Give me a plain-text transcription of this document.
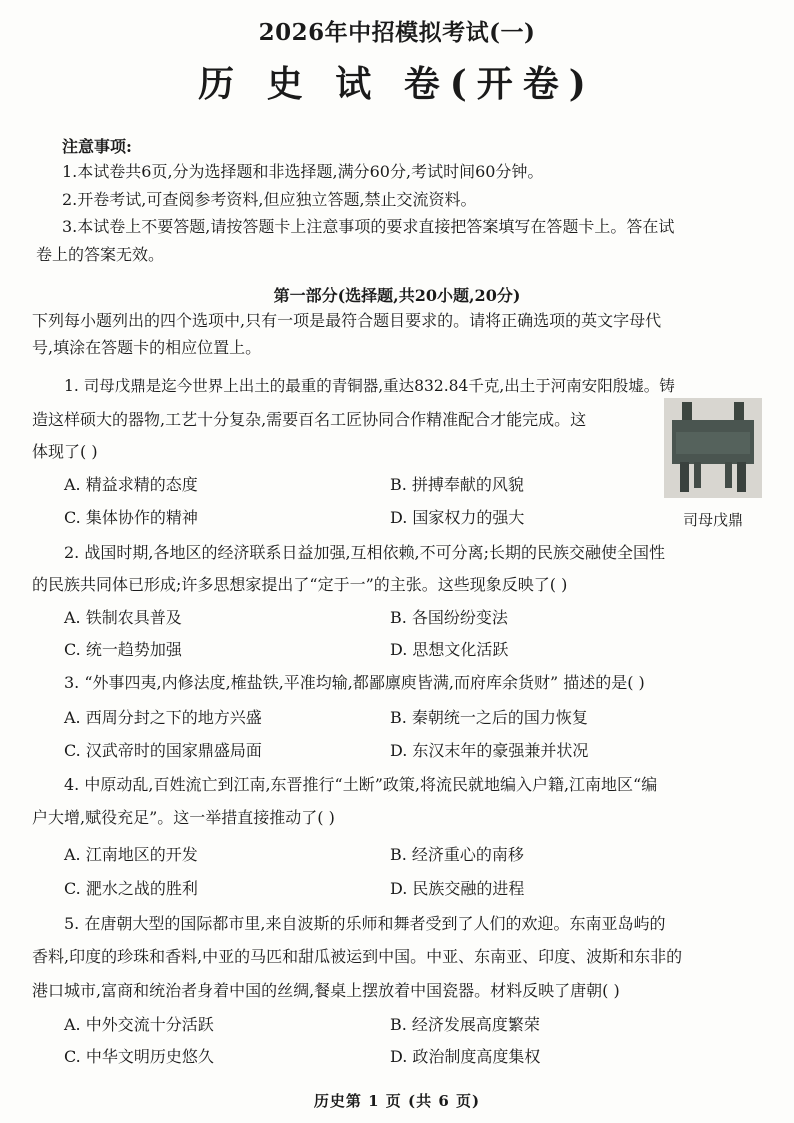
2026年中招模拟考试(一)
历 史 试 卷(开卷)
注意事项:
1.本试卷共6页,分为选择题和非选择题,满分60分,考试时间60分钟。
2.开卷考试,可查阅参考资料,但应独立答题,禁止交流资料。
3.本试卷上不要答题,请按答题卡上注意事项的要求直接把答案填写在答题卡上。答在试
卷上的答案无效。
第一部分(选择题,共20小题,20分)
下列每小题列出的四个选项中,只有一项是最符合题目要求的。请将正确选项的英文字母代
号,填涂在答题卡的相应位置上。
1. 司母戊鼎是迄今世界上出土的最重的青铜器,重达832.84千克,出土于河南安阳殷墟。铸
造这样硕大的器物,工艺十分复杂,需要百名工匠协同合作精准配合才能完成。这
体现了( )
A. 精益求精的态度	B. 拼搏奉献的风貌
C. 集体协作的精神	D. 国家权力的强大	司母戊鼎
2. 战国时期,各地区的经济联系日益加强,互相依赖,不可分离;长期的民族交融使全国性
的民族共同体已形成;许多思想家提出了“定于一”的主张。这些现象反映了( )
A. 铁制农具普及	B. 各国纷纷变法
C. 统一趋势加强	D. 思想文化活跃
3. “外事四夷,内修法度,榷盐铁,平准均输,都鄙廪庾皆满,而府库余货财” 描述的是( )
A. 西周分封之下的地方兴盛	B. 秦朝统一之后的国力恢复
C. 汉武帝时的国家鼎盛局面	D. 东汉末年的豪强兼并状况
4. 中原动乱,百姓流亡到江南,东晋推行“土断”政策,将流民就地编入户籍,江南地区“编
户大增,赋役充足”。这一举措直接推动了( )
A. 江南地区的开发	B. 经济重心的南移
C. 淝水之战的胜利	D. 民族交融的进程
5. 在唐朝大型的国际都市里,来自波斯的乐师和舞者受到了人们的欢迎。东南亚岛屿的
香料,印度的珍珠和香料,中亚的马匹和甜瓜被运到中国。中亚、东南亚、印度、波斯和东非的
港口城市,富商和统治者身着中国的丝绸,餐桌上摆放着中国瓷器。材料反映了唐朝( )
A. 中外交流十分活跃	B. 经济发展高度繁荣
C. 中华文明历史悠久	D. 政治制度高度集权
历史第 1 页 (共 6 页)
